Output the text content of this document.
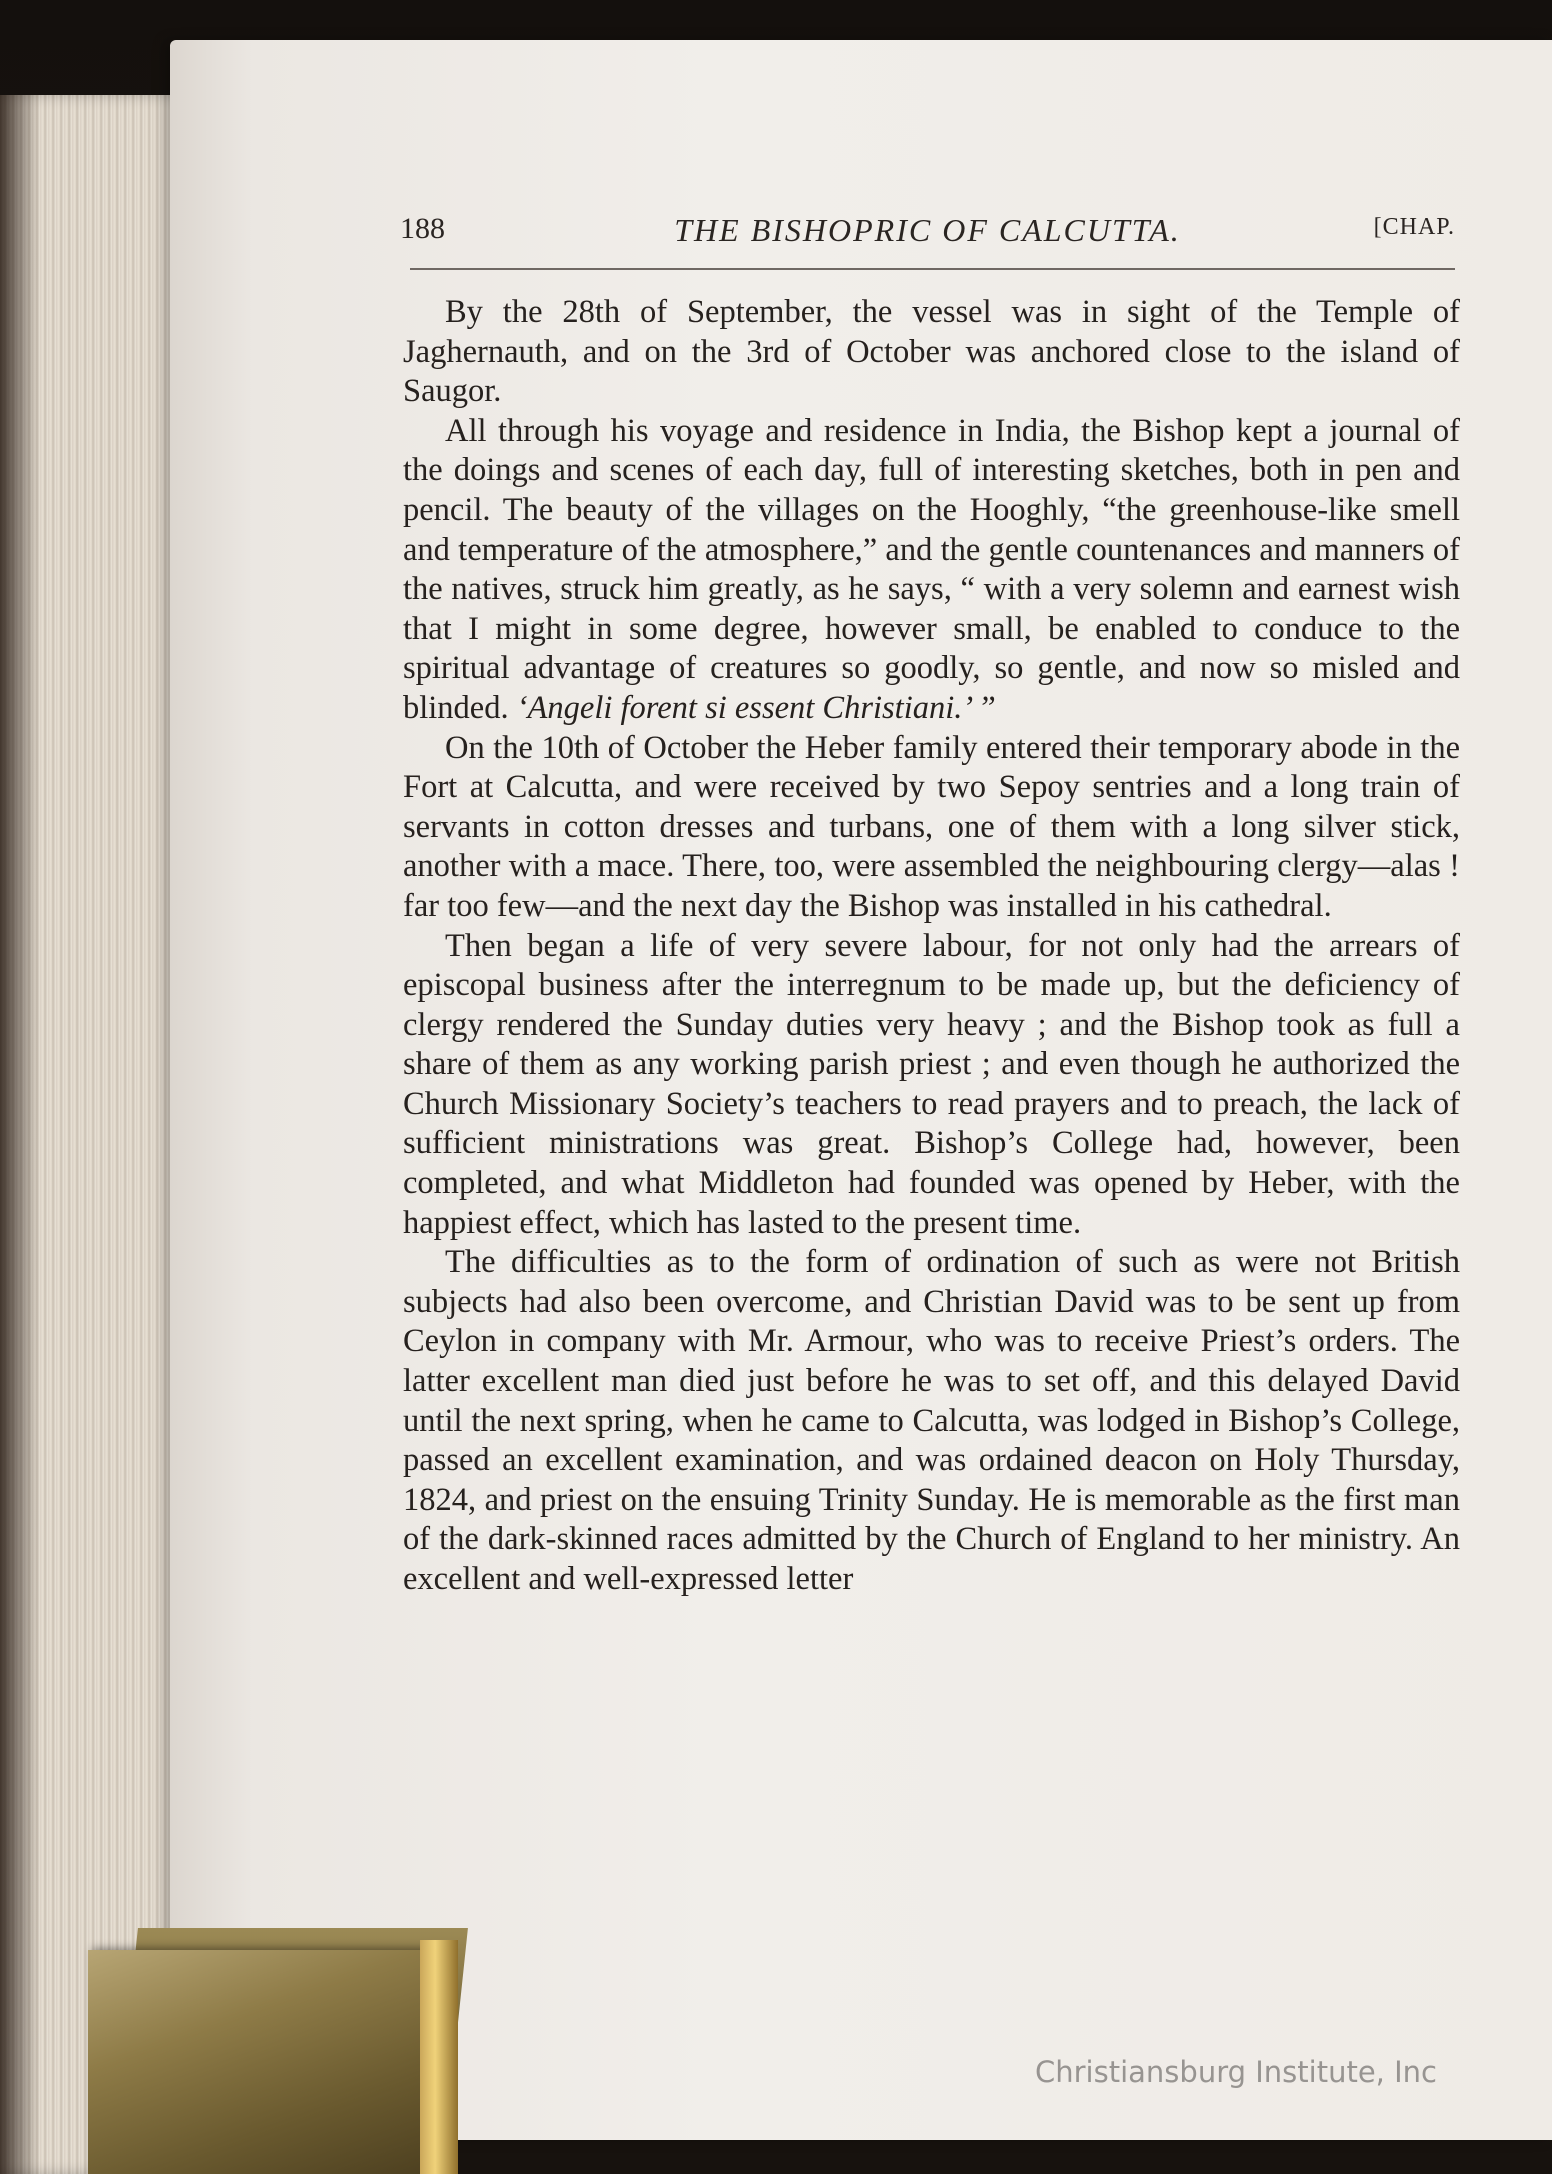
188	THE BISHOPRIC OF CALCUTTA.	[CHAP.

By the 28th of September, the vessel was in sight of the Temple of Jaghernauth, and on the 3rd of October was anchored close to the island of Saugor.

All through his voyage and residence in India, the Bishop kept a journal of the doings and scenes of each day, full of interesting sketches, both in pen and pencil. The beauty of the villages on the Hooghly, “the greenhouse-like smell and temperature of the atmosphere,” and the gentle countenances and manners of the natives, struck him greatly, as he says, “ with a very solemn and earnest wish that I might in some degree, however small, be enabled to conduce to the spiritual advantage of creatures so goodly, so gentle, and now so misled and blinded. ‘Angeli forent si essent Christiani.’ ”

On the 10th of October the Heber family entered their temporary abode in the Fort at Calcutta, and were received by two Sepoy sentries and a long train of servants in cotton dresses and turbans, one of them with a long silver stick, another with a mace. There, too, were assembled the neighbouring clergy—alas ! far too few—and the next day the Bishop was installed in his cathedral.

Then began a life of very severe labour, for not only had the arrears of episcopal business after the interregnum to be made up, but the deficiency of clergy rendered the Sunday duties very heavy ; and the Bishop took as full a share of them as any working parish priest ; and even though he authorized the Church Missionary Society’s teachers to read prayers and to preach, the lack of sufficient ministrations was great. Bishop’s College had, however, been completed, and what Middleton had founded was opened by Heber, with the happiest effect, which has lasted to the present time.

The difficulties as to the form of ordination of such as were not British subjects had also been overcome, and Christian David was to be sent up from Ceylon in company with Mr. Armour, who was to receive Priest’s orders. The latter excellent man died just before he was to set off, and this delayed David until the next spring, when he came to Calcutta, was lodged in Bishop’s College, passed an excellent examination, and was ordained deacon on Holy Thursday, 1824, and priest on the ensuing Trinity Sunday. He is memorable as the first man of the dark-skinned races admitted by the Church of England to her ministry. An excellent and well-expressed letter

Christiansburg Institute, Inc
